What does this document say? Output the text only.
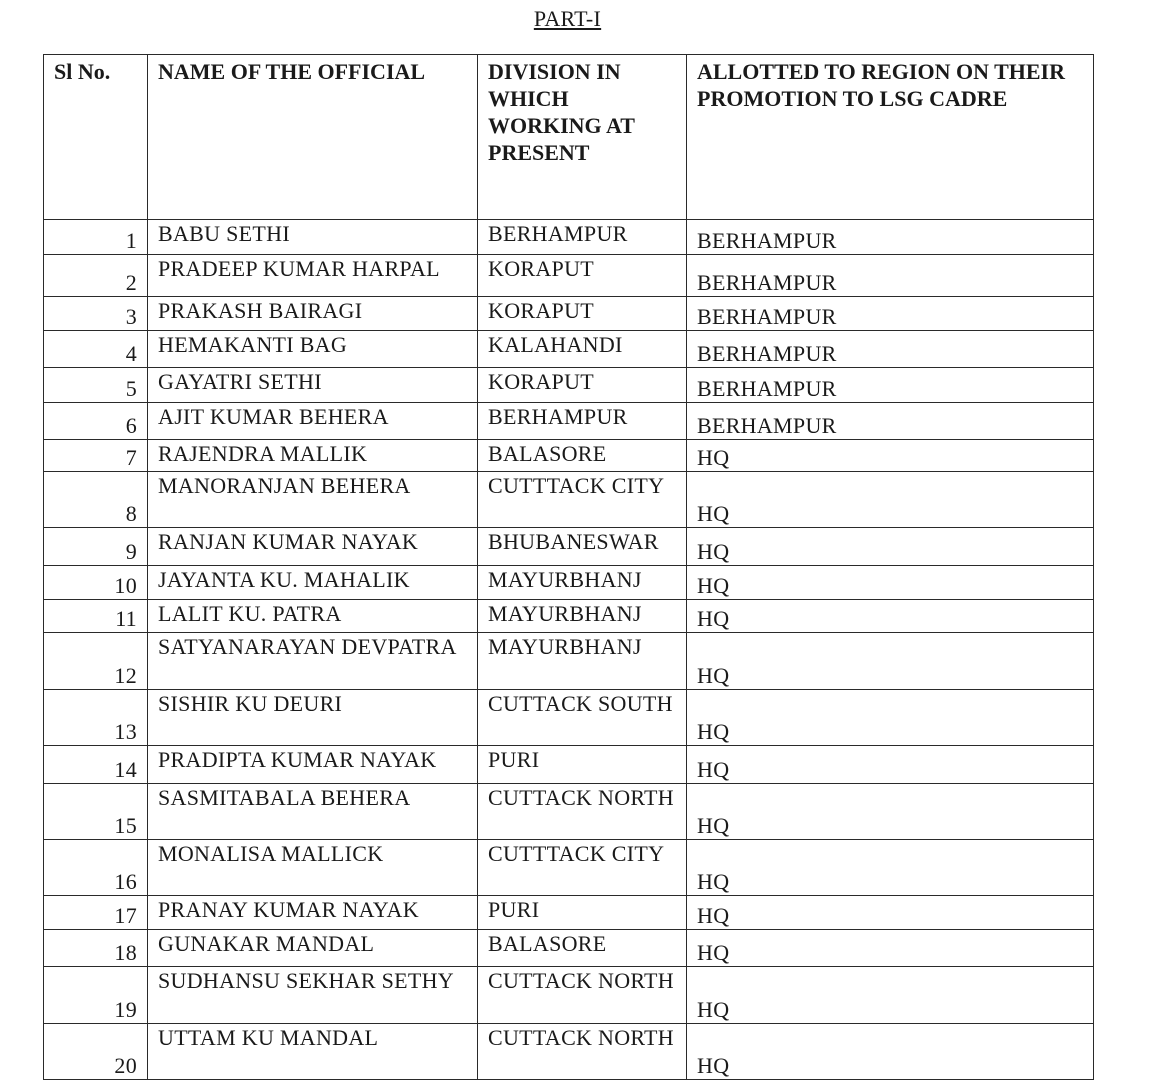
PART-I
Sl No.	NAME OF THE OFFICIAL	DIVISION IN WHICH WORKING AT PRESENT	ALLOTTED TO REGION ON THEIR PROMOTION TO LSG CADRE
1	BABU SETHI	BERHAMPUR	BERHAMPUR
2	PRADEEP KUMAR HARPAL	KORAPUT	BERHAMPUR
3	PRAKASH BAIRAGI	KORAPUT	BERHAMPUR
4	HEMAKANTI BAG	KALAHANDI	BERHAMPUR
5	GAYATRI SETHI	KORAPUT	BERHAMPUR
6	AJIT KUMAR BEHERA	BERHAMPUR	BERHAMPUR
7	RAJENDRA MALLIK	BALASORE	HQ
8	MANORANJAN BEHERA	CUTTTACK CITY	HQ
9	RANJAN KUMAR NAYAK	BHUBANESWAR	HQ
10	JAYANTA KU. MAHALIK	MAYURBHANJ	HQ
11	LALIT KU. PATRA	MAYURBHANJ	HQ
12	SATYANARAYAN DEVPATRA	MAYURBHANJ	HQ
13	SISHIR KU DEURI	CUTTACK SOUTH	HQ
14	PRADIPTA KUMAR NAYAK	PURI	HQ
15	SASMITABALA BEHERA	CUTTACK NORTH	HQ
16	MONALISA MALLICK	CUTTTACK CITY	HQ
17	PRANAY KUMAR NAYAK	PURI	HQ
18	GUNAKAR MANDAL	BALASORE	HQ
19	SUDHANSU SEKHAR SETHY	CUTTACK NORTH	HQ
20	UTTAM KU MANDAL	CUTTACK NORTH	HQ
